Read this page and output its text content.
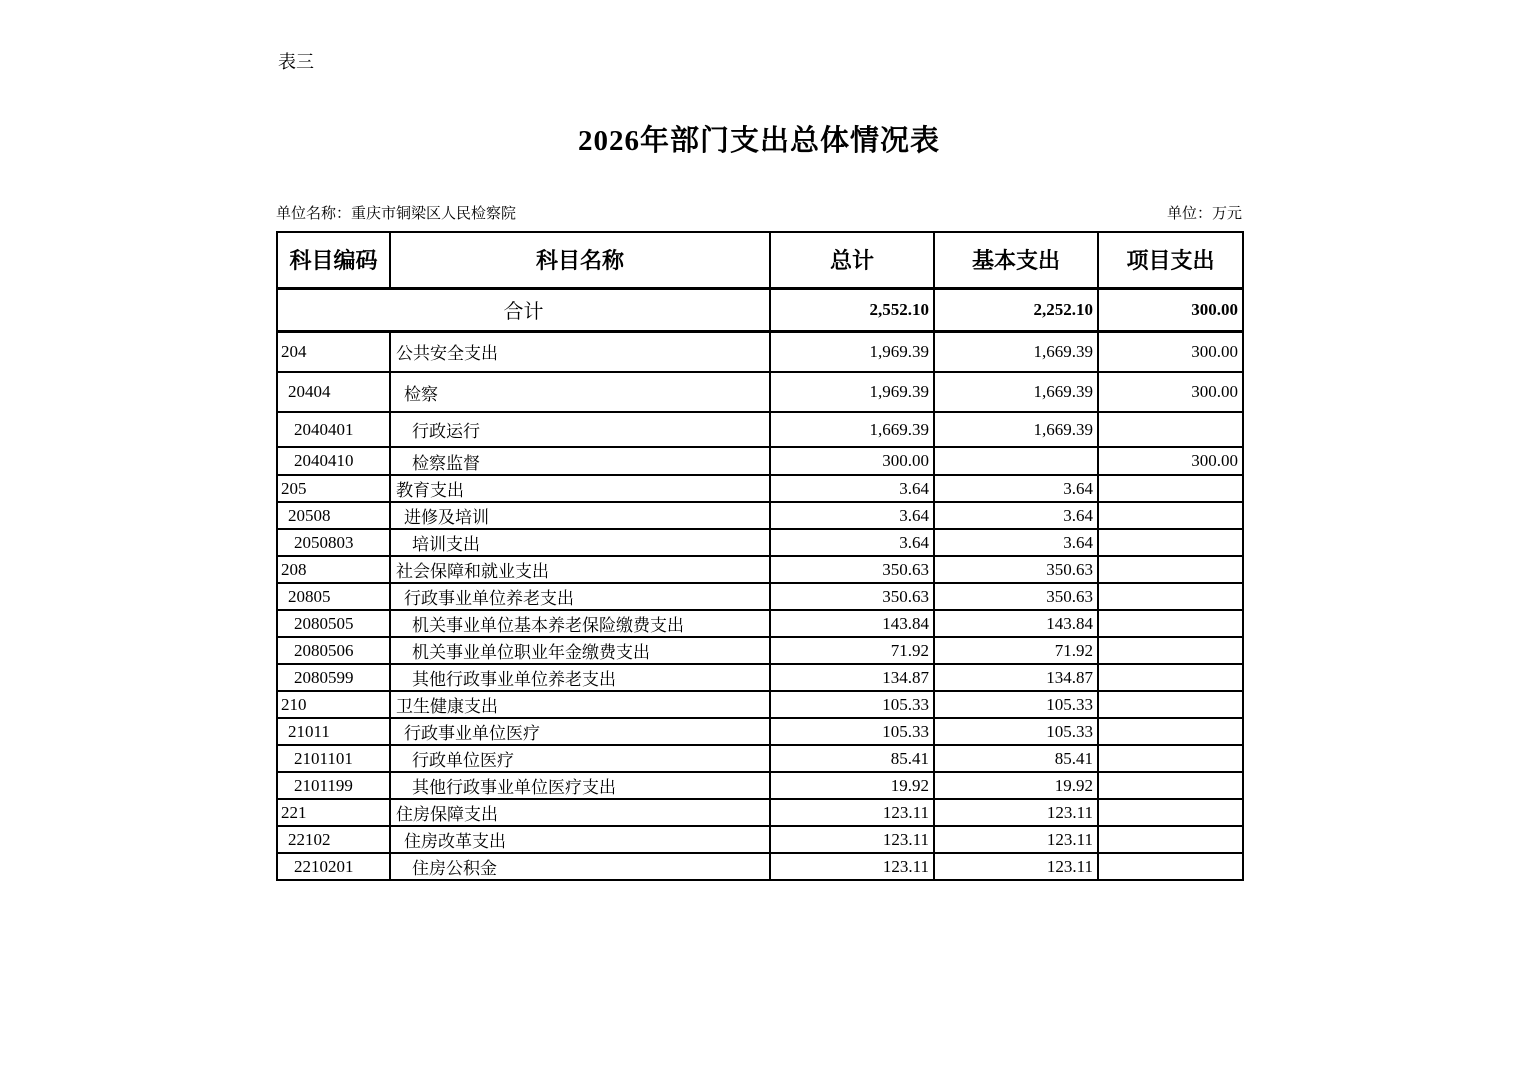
表三
2026年部门支出总体情况表
单位名称：重庆市铜梁区人民检察院	单位：万元
科目编码	科目名称	总计	基本支出	项目支出
合计		2,552.10	2,252.10	300.00
204	公共安全支出	1,969.39	1,669.39	300.00
20404	检察	1,969.39	1,669.39	300.00
2040401	行政运行	1,669.39	1,669.39	
2040410	检察监督	300.00		300.00
205	教育支出	3.64	3.64	
20508	进修及培训	3.64	3.64	
2050803	培训支出	3.64	3.64	
208	社会保障和就业支出	350.63	350.63	
20805	行政事业单位养老支出	350.63	350.63	
2080505	机关事业单位基本养老保险缴费支出	143.84	143.84	
2080506	机关事业单位职业年金缴费支出	71.92	71.92	
2080599	其他行政事业单位养老支出	134.87	134.87	
210	卫生健康支出	105.33	105.33	
21011	行政事业单位医疗	105.33	105.33	
2101101	行政单位医疗	85.41	85.41	
2101199	其他行政事业单位医疗支出	19.92	19.92	
221	住房保障支出	123.11	123.11	
22102	住房改革支出	123.11	123.11	
2210201	住房公积金	123.11	123.11	
